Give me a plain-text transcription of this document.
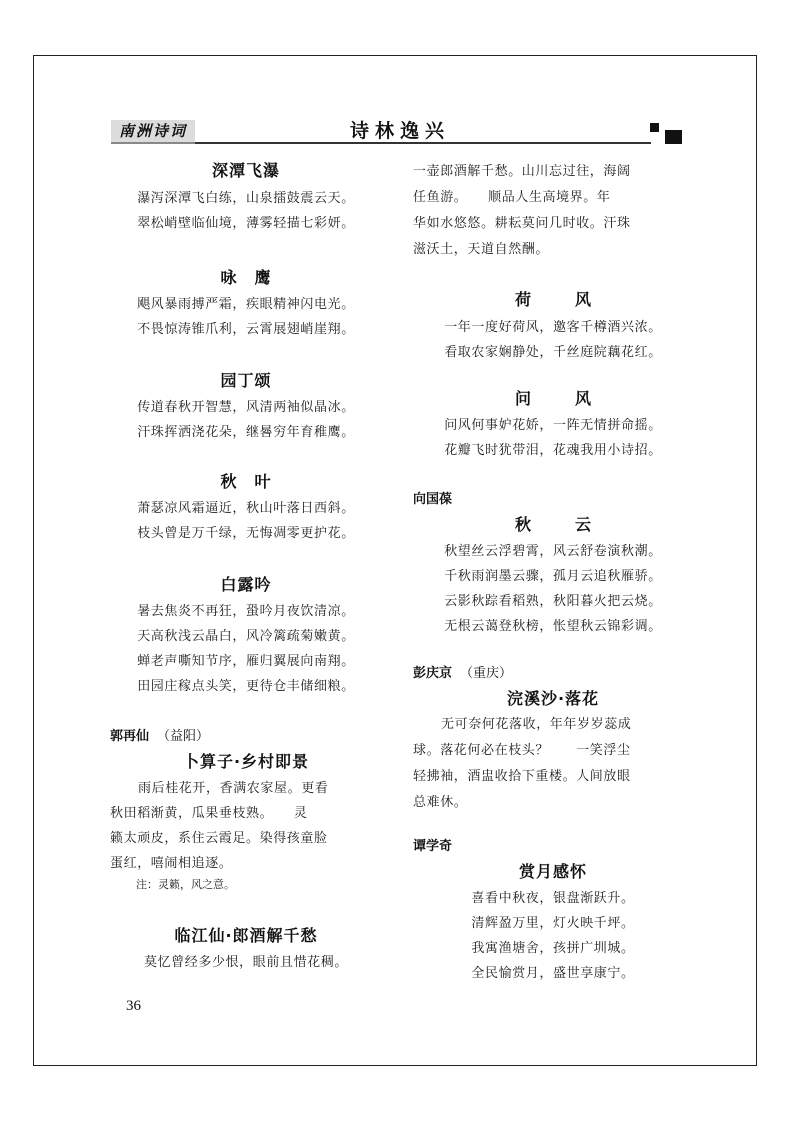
南洲诗词	诗林逸兴
深潭飞瀑
瀑泻深潭飞白练，山泉擂鼓震云天。
翠松峭壁临仙境，薄雾轻描七彩妍。
咏　鹰
飓风暴雨搏严霜，疾眼精神闪电光。
不畏惊涛锥爪利，云霄展翅峭崖翔。
园丁颂
传道春秋开智慧，风清两袖似晶冰。
汗珠挥洒浇花朵，继晷穷年育稚鹰。
秋　叶
萧瑟凉风霜逼近，秋山叶落日西斜。
枝头曾是万千绿，无悔凋零更护花。
白露吟
暑去焦炎不再狂，蛩吟月夜饮清凉。
天高秋浅云晶白，风冷篱疏菊嫩黄。
蝉老声嘶知节序，雁归翼展向南翔。
田园庄稼点头笑，更待仓丰储细粮。
郭再仙 （益阳）
卜算子·乡村即景
雨后桂花开，香满农家屋。更看
秋田稻渐黄，瓜果垂枝熟。　　灵
籁太顽皮，系住云霞足。染得孩童脸
蛋红，嘻闹相追逐。
注：灵籁，风之意。
临江仙·郎酒解千愁
莫忆曾经多少恨，眼前且惜花稠。
一壶郎酒解千愁。山川忘过往，海阔
任鱼游。　　顺品人生高境界。年
华如水悠悠。耕耘莫问几时收。汗珠
滋沃土，天道自然酬。
荷　风
一年一度好荷风，邀客千樽酒兴浓。
看取农家娴静处，千丝庭院藕花红。
问　风
问风何事妒花娇，一阵无情拼命摇。
花瓣飞时犹带泪，花魂我用小诗招。
向国葆
秋　云
秋望丝云浮碧霄，风云舒卷演秋潮。
千秋雨润墨云骤，孤月云追秋雁骄。
云影秋踪看稻熟，秋阳暮火把云烧。
无根云蔼登秋榜，怅望秋云锦彩调。
彭庆京 （重庆）
浣溪沙·落花
无可奈何花落收，年年岁岁蕊成
球。落花何必在枝头？　　一笑浮尘
轻拂袖，酒盅收拾下重楼。人间放眼
总难休。
谭学奇
赏月感怀
喜看中秋夜，银盘渐跃升。
清辉盈万里，灯火映千坪。
我寓渔塘舍，孩拼广圳城。
全民愉赏月，盛世享康宁。
36
